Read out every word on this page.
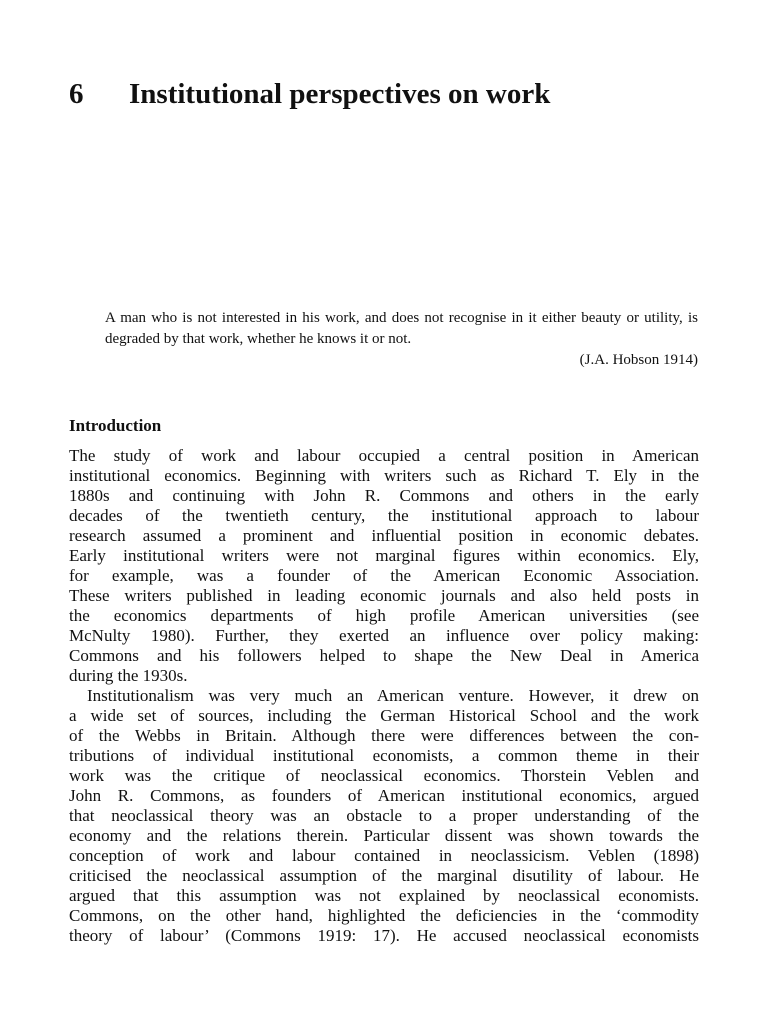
6 Institutional perspectives on work
A man who is not interested in his work, and does not recognise in it either beauty or utility, is degraded by that work, whether he knows it or not.
(J.A. Hobson 1914)
Introduction
The study of work and labour occupied a central position in American
institutional economics. Beginning with writers such as Richard T. Ely in the
1880s and continuing with John R. Commons and others in the early
decades of the twentieth century, the institutional approach to labour
research assumed a prominent and influential position in economic debates.
Early institutional writers were not marginal figures within economics. Ely,
for example, was a founder of the American Economic Association.
These writers published in leading economic journals and also held posts in
the economics departments of high profile American universities (see
McNulty 1980). Further, they exerted an influence over policy making:
Commons and his followers helped to shape the New Deal in America
during the 1930s.
Institutionalism was very much an American venture. However, it drew on
a wide set of sources, including the German Historical School and the work
of the Webbs in Britain. Although there were differences between the con-
tributions of individual institutional economists, a common theme in their
work was the critique of neoclassical economics. Thorstein Veblen and
John R. Commons, as founders of American institutional economics, argued
that neoclassical theory was an obstacle to a proper understanding of the
economy and the relations therein. Particular dissent was shown towards the
conception of work and labour contained in neoclassicism. Veblen (1898)
criticised the neoclassical assumption of the marginal disutility of labour. He
argued that this assumption was not explained by neoclassical economists.
Commons, on the other hand, highlighted the deficiencies in the ‘commodity
theory of labour’ (Commons 1919: 17). He accused neoclassical economists
